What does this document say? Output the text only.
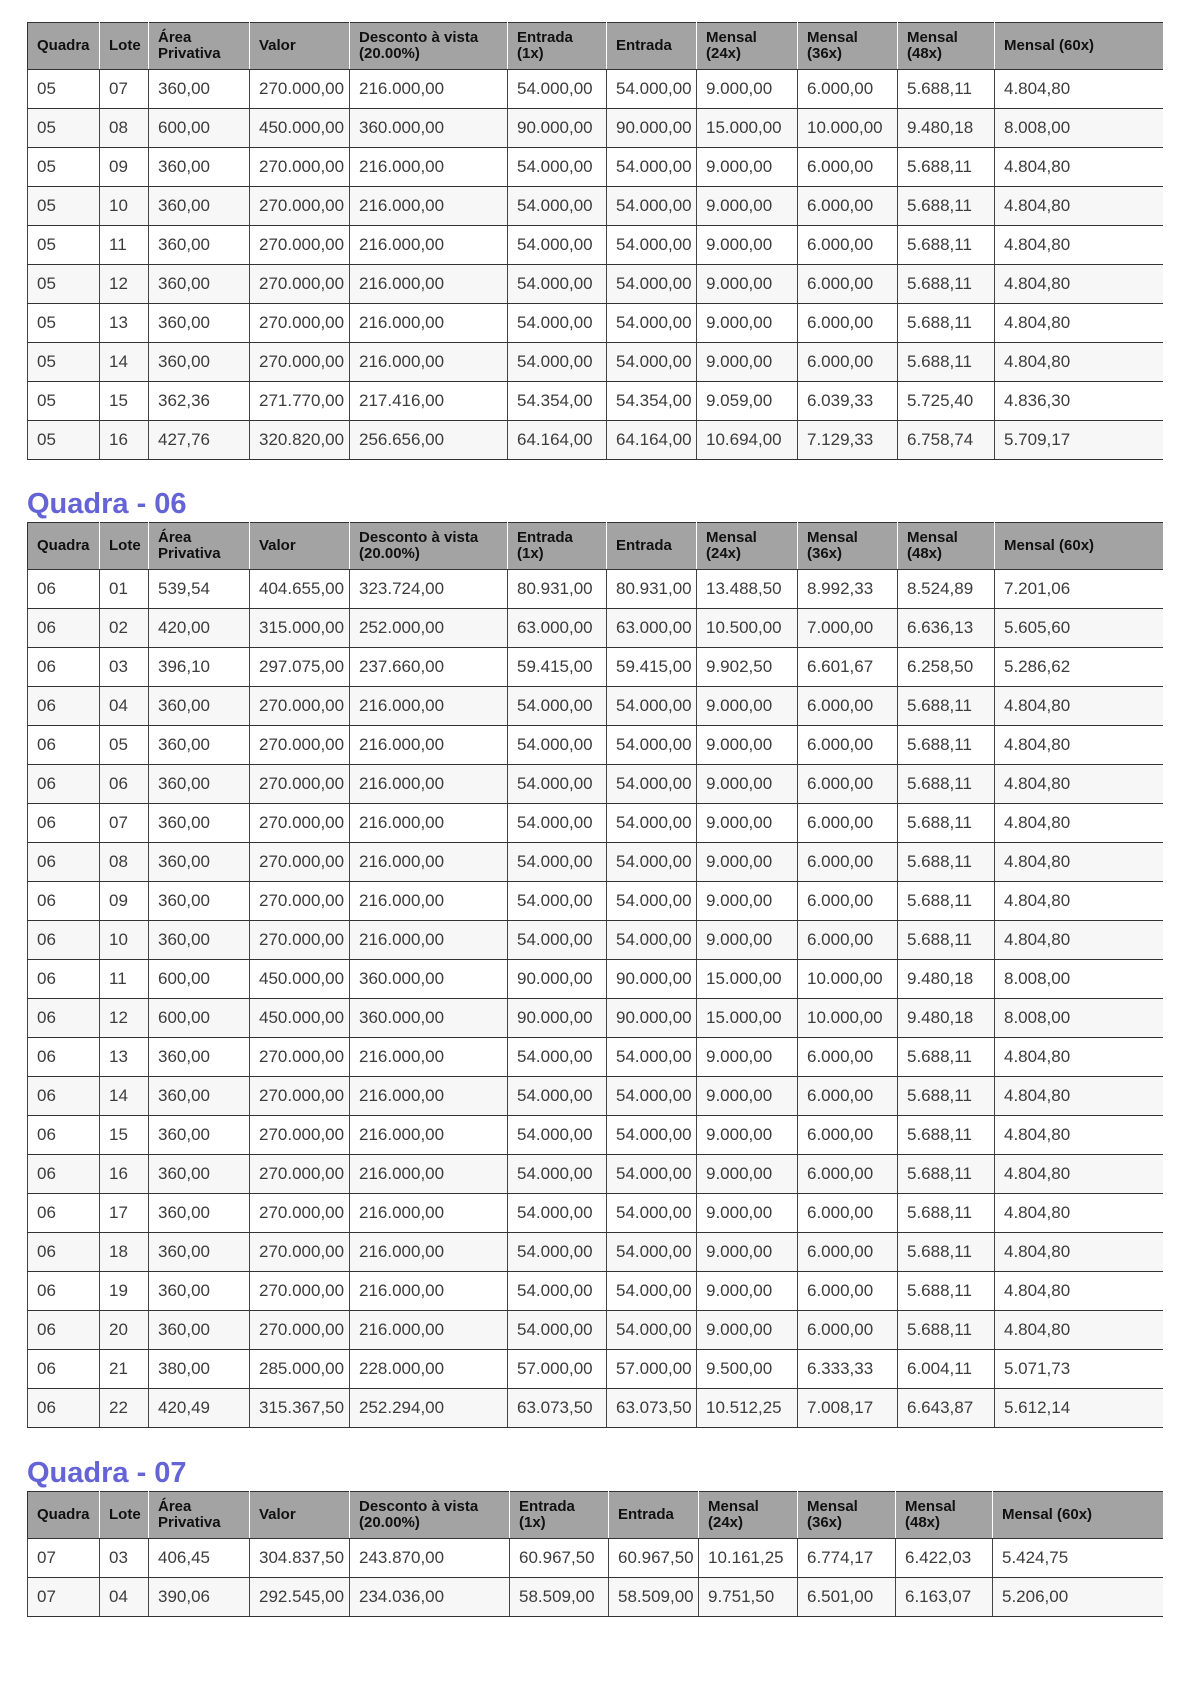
Quadra	Lote	Área Privativa	Valor	Desconto à vista (20.00%)	Entrada (1x)	Entrada	Mensal (24x)	Mensal (36x)	Mensal (48x)	Mensal (60x)
05	07	360,00	270.000,00	216.000,00	54.000,00	54.000,00	9.000,00	6.000,00	5.688,11	4.804,80
05	08	600,00	450.000,00	360.000,00	90.000,00	90.000,00	15.000,00	10.000,00	9.480,18	8.008,00
05	09	360,00	270.000,00	216.000,00	54.000,00	54.000,00	9.000,00	6.000,00	5.688,11	4.804,80
05	10	360,00	270.000,00	216.000,00	54.000,00	54.000,00	9.000,00	6.000,00	5.688,11	4.804,80
05	11	360,00	270.000,00	216.000,00	54.000,00	54.000,00	9.000,00	6.000,00	5.688,11	4.804,80
05	12	360,00	270.000,00	216.000,00	54.000,00	54.000,00	9.000,00	6.000,00	5.688,11	4.804,80
05	13	360,00	270.000,00	216.000,00	54.000,00	54.000,00	9.000,00	6.000,00	5.688,11	4.804,80
05	14	360,00	270.000,00	216.000,00	54.000,00	54.000,00	9.000,00	6.000,00	5.688,11	4.804,80
05	15	362,36	271.770,00	217.416,00	54.354,00	54.354,00	9.059,00	6.039,33	5.725,40	4.836,30
05	16	427,76	320.820,00	256.656,00	64.164,00	64.164,00	10.694,00	7.129,33	6.758,74	5.709,17
Quadra - 06
Quadra	Lote	Área Privativa	Valor	Desconto à vista (20.00%)	Entrada (1x)	Entrada	Mensal (24x)	Mensal (36x)	Mensal (48x)	Mensal (60x)
06	01	539,54	404.655,00	323.724,00	80.931,00	80.931,00	13.488,50	8.992,33	8.524,89	7.201,06
06	02	420,00	315.000,00	252.000,00	63.000,00	63.000,00	10.500,00	7.000,00	6.636,13	5.605,60
06	03	396,10	297.075,00	237.660,00	59.415,00	59.415,00	9.902,50	6.601,67	6.258,50	5.286,62
06	04	360,00	270.000,00	216.000,00	54.000,00	54.000,00	9.000,00	6.000,00	5.688,11	4.804,80
06	05	360,00	270.000,00	216.000,00	54.000,00	54.000,00	9.000,00	6.000,00	5.688,11	4.804,80
06	06	360,00	270.000,00	216.000,00	54.000,00	54.000,00	9.000,00	6.000,00	5.688,11	4.804,80
06	07	360,00	270.000,00	216.000,00	54.000,00	54.000,00	9.000,00	6.000,00	5.688,11	4.804,80
06	08	360,00	270.000,00	216.000,00	54.000,00	54.000,00	9.000,00	6.000,00	5.688,11	4.804,80
06	09	360,00	270.000,00	216.000,00	54.000,00	54.000,00	9.000,00	6.000,00	5.688,11	4.804,80
06	10	360,00	270.000,00	216.000,00	54.000,00	54.000,00	9.000,00	6.000,00	5.688,11	4.804,80
06	11	600,00	450.000,00	360.000,00	90.000,00	90.000,00	15.000,00	10.000,00	9.480,18	8.008,00
06	12	600,00	450.000,00	360.000,00	90.000,00	90.000,00	15.000,00	10.000,00	9.480,18	8.008,00
06	13	360,00	270.000,00	216.000,00	54.000,00	54.000,00	9.000,00	6.000,00	5.688,11	4.804,80
06	14	360,00	270.000,00	216.000,00	54.000,00	54.000,00	9.000,00	6.000,00	5.688,11	4.804,80
06	15	360,00	270.000,00	216.000,00	54.000,00	54.000,00	9.000,00	6.000,00	5.688,11	4.804,80
06	16	360,00	270.000,00	216.000,00	54.000,00	54.000,00	9.000,00	6.000,00	5.688,11	4.804,80
06	17	360,00	270.000,00	216.000,00	54.000,00	54.000,00	9.000,00	6.000,00	5.688,11	4.804,80
06	18	360,00	270.000,00	216.000,00	54.000,00	54.000,00	9.000,00	6.000,00	5.688,11	4.804,80
06	19	360,00	270.000,00	216.000,00	54.000,00	54.000,00	9.000,00	6.000,00	5.688,11	4.804,80
06	20	360,00	270.000,00	216.000,00	54.000,00	54.000,00	9.000,00	6.000,00	5.688,11	4.804,80
06	21	380,00	285.000,00	228.000,00	57.000,00	57.000,00	9.500,00	6.333,33	6.004,11	5.071,73
06	22	420,49	315.367,50	252.294,00	63.073,50	63.073,50	10.512,25	7.008,17	6.643,87	5.612,14
Quadra - 07
Quadra	Lote	Área Privativa	Valor	Desconto à vista (20.00%)	Entrada (1x)	Entrada	Mensal (24x)	Mensal (36x)	Mensal (48x)	Mensal (60x)
07	03	406,45	304.837,50	243.870,00	60.967,50	60.967,50	10.161,25	6.774,17	6.422,03	5.424,75
07	04	390,06	292.545,00	234.036,00	58.509,00	58.509,00	9.751,50	6.501,00	6.163,07	5.206,00
